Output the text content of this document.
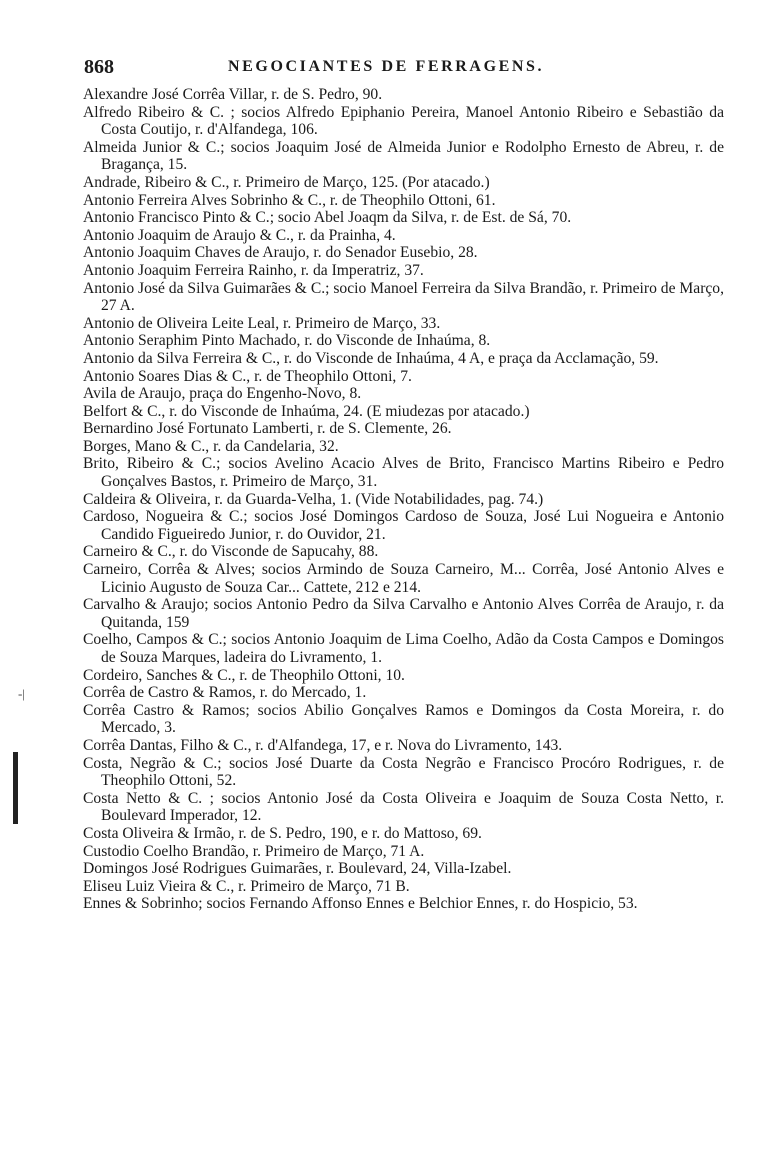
868	NEGOCIANTES DE FERRAGENS.
Alexandre José Corrêa Villar, r. de S. Pedro, 90.
Alfredo Ribeiro & C. ; socios Alfredo Epiphanio Pereira, Manoel Antonio Ribeiro e Sebastião da Costa Coutijo, r. d'Alfandega, 106.
Almeida Junior & C.; socios Joaquim José de Almeida Junior e Rodolpho Ernesto de Abreu, r. de Bragança, 15.
Andrade, Ribeiro & C., r. Primeiro de Março, 125. (Por atacado.)
Antonio Ferreira Alves Sobrinho & C., r. de Theophilo Ottoni, 61.
Antonio Francisco Pinto & C.; socio Abel Joaqm da Silva, r. de Est. de Sá, 70.
Antonio Joaquim de Araujo & C., r. da Prainha, 4.
Antonio Joaquim Chaves de Araujo, r. do Senador Eusebio, 28.
Antonio Joaquim Ferreira Rainho, r. da Imperatriz, 37.
Antonio José da Silva Guimarães & C.; socio Manoel Ferreira da Silva Brandão, r. Primeiro de Março, 27 A.
Antonio de Oliveira Leite Leal, r. Primeiro de Março, 33.
Antonio Seraphim Pinto Machado, r. do Visconde de Inhaúma, 8.
Antonio da Silva Ferreira & C., r. do Visconde de Inhaúma, 4 A, e praça da Acclamação, 59.
Antonio Soares Dias & C., r. de Theophilo Ottoni, 7.
Avila de Araujo, praça do Engenho-Novo, 8.
Belfort & C., r. do Visconde de Inhaúma, 24. (E miudezas por atacado.)
Bernardino José Fortunato Lamberti, r. de S. Clemente, 26.
Borges, Mano & C., r. da Candelaria, 32.
Brito, Ribeiro & C.; socios Avelino Acacio Alves de Brito, Francisco Martins Ribeiro e Pedro Gonçalves Bastos, r. Primeiro de Março, 31.
Caldeira & Oliveira, r. da Guarda-Velha, 1. (Vide Notabilidades, pag. 74.)
Cardoso, Nogueira & C.; socios José Domingos Cardoso de Souza, José Lui Nogueira e Antonio Candido Figueiredo Junior, r. do Ouvidor, 21.
Carneiro & C., r. do Visconde de Sapucahy, 88.
Carneiro, Corrêa & Alves; socios Armindo de Souza Carneiro, M... Corrêa, José Antonio Alves e Licinio Augusto de Souza Car... Cattete, 212 e 214.
Carvalho & Araujo; socios Antonio Pedro da Silva Carvalho e Antonio Alves Corrêa de Araujo, r. da Quitanda, 159
Coelho, Campos & C.; socios Antonio Joaquim de Lima Coelho, Adão da Costa Campos e Domingos de Souza Marques, ladeira do Livramento, 1.
Cordeiro, Sanches & C., r. de Theophilo Ottoni, 10.
Corrêa de Castro & Ramos, r. do Mercado, 1.
Corrêa Castro & Ramos; socios Abilio Gonçalves Ramos e Domingos da Costa Moreira, r. do Mercado, 3.
Corrêa Dantas, Filho & C., r. d'Alfandega, 17, e r. Nova do Livramento, 143.
Costa, Negrão & C.; socios José Duarte da Costa Negrão e Francisco Procóro Rodrigues, r. de Theophilo Ottoni, 52.
Costa Netto & C. ; socios Antonio José da Costa Oliveira e Joaquim de Souza Costa Netto, r. Boulevard Imperador, 12.
Costa Oliveira & Irmão, r. de S. Pedro, 190, e r. do Mattoso, 69.
Custodio Coelho Brandão, r. Primeiro de Março, 71 A.
Domingos José Rodrigues Guimarães, r. Boulevard, 24, Villa-Izabel.
Eliseu Luiz Vieira & C., r. Primeiro de Março, 71 B.
Ennes & Sobrinho; socios Fernando Affonso Ennes e Belchior Ennes, r. do Hospicio, 53.
-|
